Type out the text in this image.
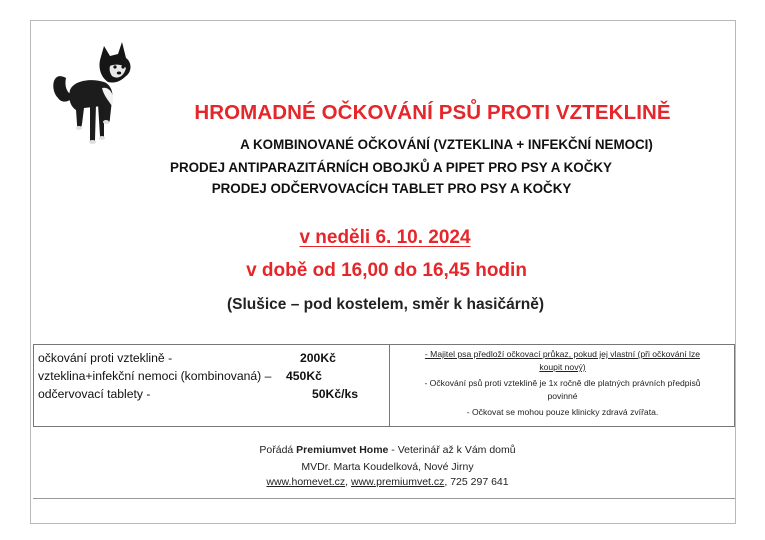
HROMADNÉ OČKOVÁNÍ PSŮ PROTI VZTEKLINĚ
A KOMBINOVANÉ OČKOVÁNÍ (VZTEKLINA + INFEKČNÍ NEMOCI)
PRODEJ ANTIPARAZITÁRNÍCH OBOJKŮ A PIPET PRO PSY A KOČKY
PRODEJ ODČERVOVACÍCH TABLET PRO PSY A KOČKY
v neděli 6. 10. 2024
v době od 16,00 do 16,45 hodin
(Slušice – pod kostelem, směr k hasičárně)
očkování proti vzteklině -	200Kč
vzteklina+infekční nemoci (kombinovaná) – 450Kč
odčervovací tablety -	50Kč/ks

- Majitel psa předloží očkovací průkaz, pokud jej vlastní (při očkování lze

koupit nový)

- Očkování psů proti vzteklině je 1x ročně dle platných právních předpisů

povinné

- Očkovat se mohou pouze klinicky zdravá zvířata.

Pořádá Premiumvet Home - Veterinář až k Vám domů
MVDr. Marta Koudelková, Nové Jirny
www.homevet.cz, www.premiumvet.cz, 725 297 641
